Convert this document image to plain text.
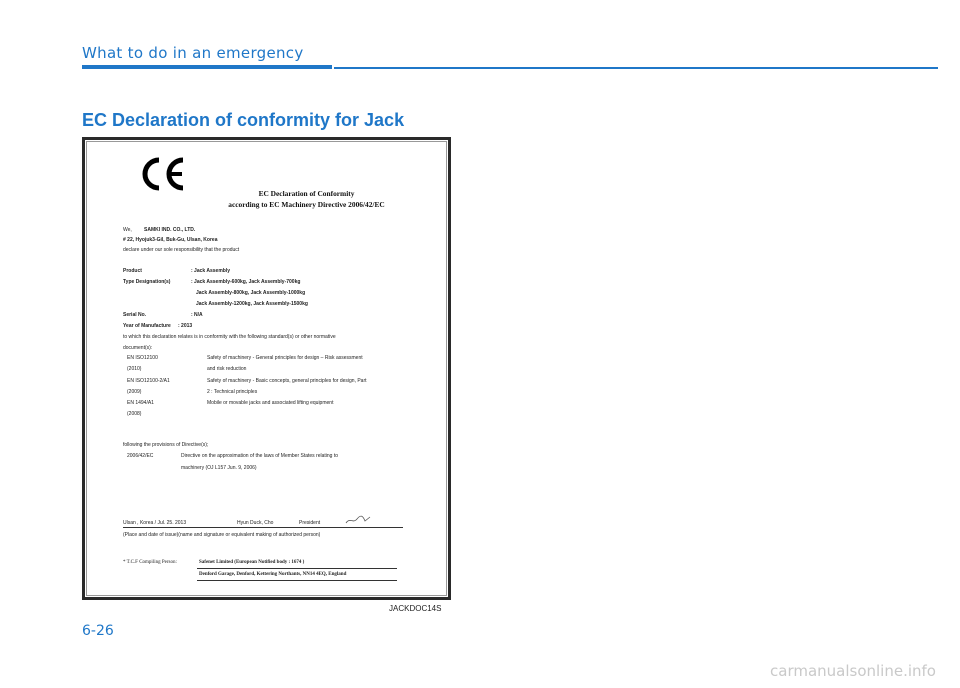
What to do in an emergency
EC Declaration of conformity for Jack
EC Declaration of Conformity
according to EC Machinery Directive 2006/42/EC
We, SAMKI IND. CO., LTD.
# 22, Hyojuk3-Gil, Buk-Gu, Ulsan, Korea
declare under our sole responsibility that the product
Product	: Jack Assembly
Type Designation(s)	: Jack Assembly-600kg, Jack Assembly-700kg
Jack Assembly-800kg, Jack Assembly-1000kg
Jack Assembly-1200kg, Jack Assembly-1500kg
Serial No.	: N/A
Year of Manufacture : 2013
to which this declaration relates is in conformity with the following standard(s) or other normative
document(s):
EN ISO12100	Safety of machinery - General principles for design – Risk assessment
(2010)	and risk reduction
EN ISO12100-2/A1	Safety of machinery - Basic concepts, general principles for design, Part
(2009)	2 : Technical principles
EN 1494/A1	Mobile or movable jacks and associated lifting equipment
(2008)
following the provisions of Directive(s);
2006/42/EC	Directive on the approximation of the laws of Member States relating to
machinery (OJ L157 Jun. 9, 2006)
Ulsan , Korea / Jul. 25. 2013	Hyun Duck, Cho	President
(Place and date of issue)(name and signature or equivalent making of authorized person)
* T.C.F Compiling Person:	Safenet Limited (European Notified body : 1674 )
Denford Garage, Denford, Kettering Northants, NN14 4EQ, England
JACKDOC14S
6-26
carmanualsonline.info
